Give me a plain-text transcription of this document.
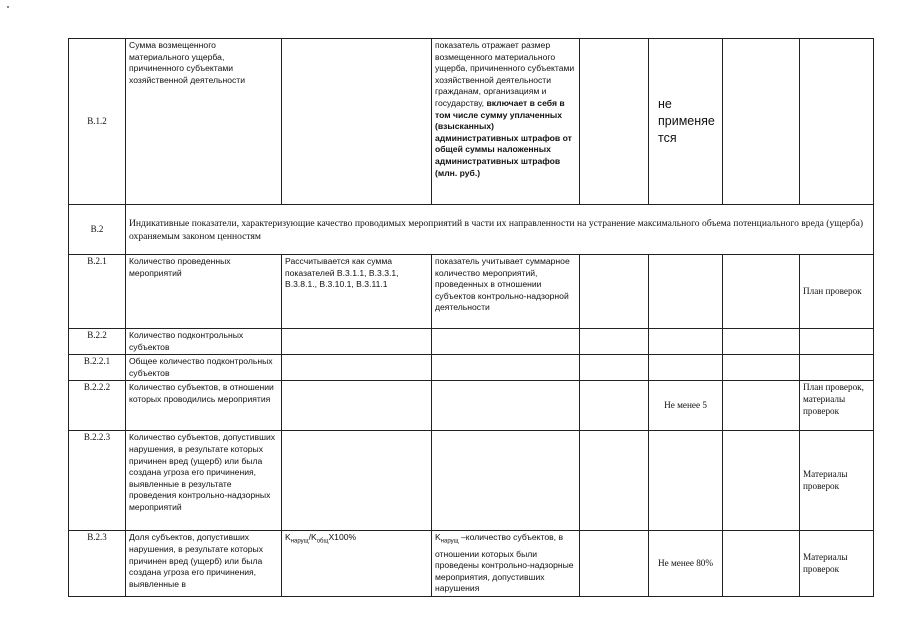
B.1.2	Сумма возмещенного материального ущерба, причиненного субъектами хозяйственной деятельности		показатель отражает размер возмещенного материального ущерба, причиненного субъектами хозяйственной деятельности гражданам, организациям и государству, включает в себя в том числе сумму уплаченных (взысканных) административных штрафов от общей суммы наложенных административных штрафов (млн. руб.)		не применяется		

B.2	Индикативные показатели, характеризующие качество проводимых мероприятий в части их направленности на устранение максимального объема потенциального вреда (ущерба) охраняемым законом ценностям						
B.2.1	Количество проведенных мероприятий	Рассчитывается как сумма показателей B.3.1.1, B.3.3.1, B.3.8.1., B.3.10.1, B.3.11.1	показатель учитывает суммарное количество мероприятий, проведенных в отношении субъектов контрольно-надзорной деятельности				План проверок
B.2.2	Количество подконтрольных субъектов						
B.2.2.1	Общее количество подконтрольных субъектов						
B.2.2.2	Количество субъектов, в отношении которых проводились мероприятия				Не менее 5		План проверок, материалы проверок
B.2.2.3	Количество субъектов, допустивших нарушения, в результате которых причинен вред (ущерб) или была создана угроза его причинения, выявленные в результате проведения контрольно-надзорных мероприятий						Материалы проверок
B.2.3	Доля субъектов, допустивших нарушения, в результате которых причинен вред (ущерб) или была создана угроза его причинения, выявленные в	$K_{нарущ}/K_{общ}X100\%$	$K_{нарущ}$ –количество субъектов, в отношении которых были проведены контрольно-надзорные мероприятия, допустивших нарушения		Не менее 80%		Материалы проверок
